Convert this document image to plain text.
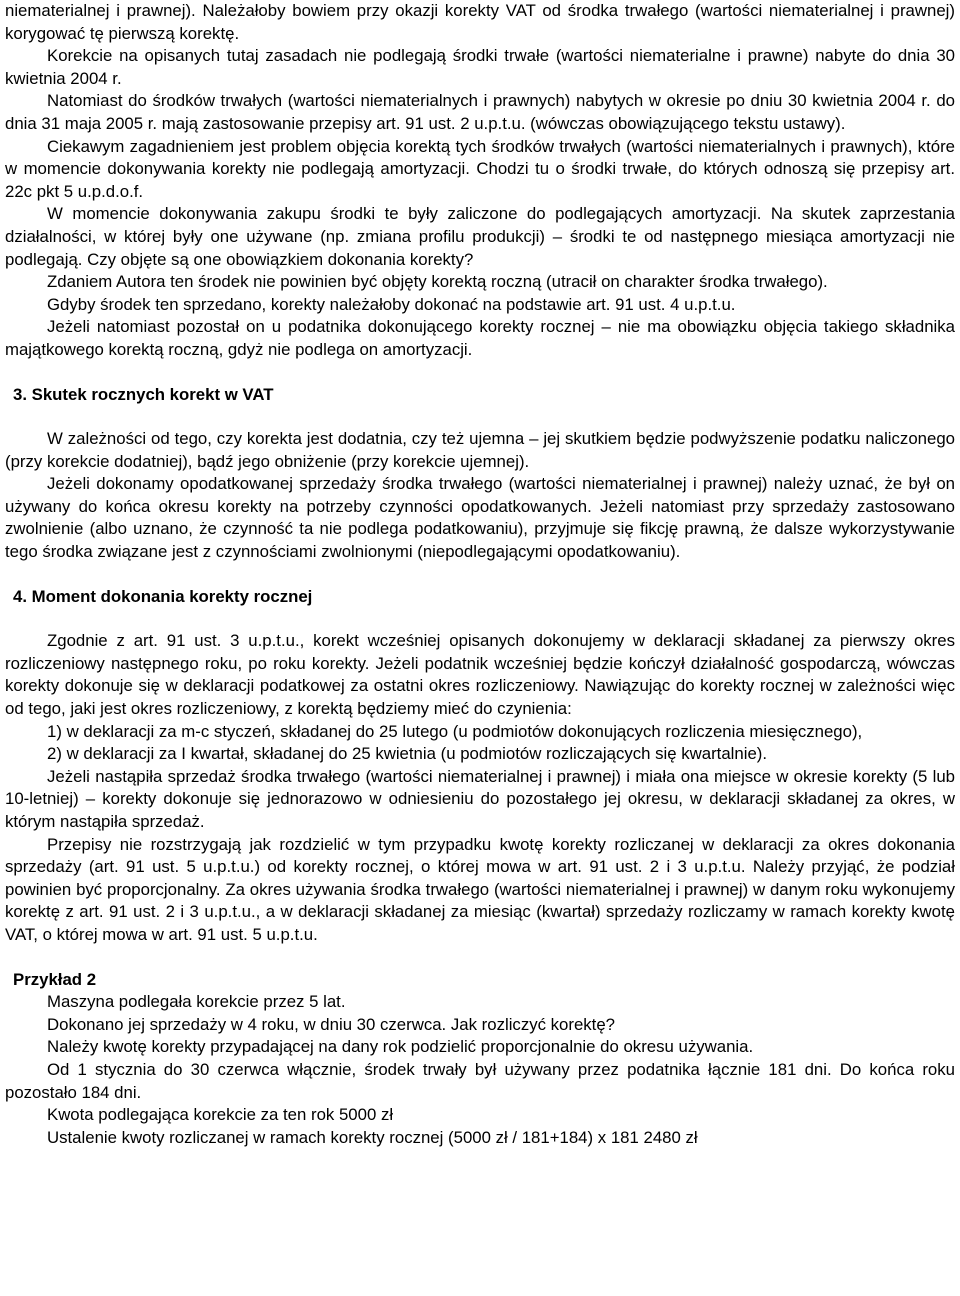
niematerialnej i prawnej). Należałoby bowiem przy okazji korekty VAT od środka trwałego (wartości niematerialnej i prawnej) korygować tę pierwszą korektę.

Korekcie na opisanych tutaj zasadach nie podlegają środki trwałe (wartości niematerialne i prawne) nabyte do dnia 30 kwietnia 2004 r.

Natomiast do środków trwałych (wartości niematerialnych i prawnych) nabytych w okresie po dniu 30 kwietnia 2004 r. do dnia 31 maja 2005 r. mają zastosowanie przepisy art. 91 ust. 2 u.p.t.u. (wówczas obowiązującego tekstu ustawy).

Ciekawym zagadnieniem jest problem objęcia korektą tych środków trwałych (wartości niematerialnych i prawnych), które w momencie dokonywania korekty nie podlegają amortyzacji. Chodzi tu o środki trwałe, do których odnoszą się przepisy art. 22c pkt 5 u.p.d.o.f.

W momencie dokonywania zakupu środki te były zaliczone do podlegających amortyzacji. Na skutek zaprzestania działalności, w której były one używane (np. zmiana profilu produkcji) – środki te od następnego miesiąca amortyzacji nie podlegają. Czy objęte są one obowiązkiem dokonania korekty?

Zdaniem Autora ten środek nie powinien być objęty korektą roczną (utracił on charakter środka trwałego).

Gdyby środek ten sprzedano, korekty należałoby dokonać na podstawie art. 91 ust. 4 u.p.t.u.

Jeżeli natomiast pozostał on u podatnika dokonującego korekty rocznej – nie ma obowiązku objęcia takiego składnika majątkowego korektą roczną, gdyż nie podlega on amortyzacji.

3. Skutek rocznych korekt w VAT

W zależności od tego, czy korekta jest dodatnia, czy też ujemna – jej skutkiem będzie podwyższenie podatku naliczonego (przy korekcie dodatniej), bądź jego obniżenie (przy korekcie ujemnej).

Jeżeli dokonamy opodatkowanej sprzedaży środka trwałego (wartości niematerialnej i prawnej) należy uznać, że był on używany do końca okresu korekty na potrzeby czynności opodatkowanych. Jeżeli natomiast przy sprzedaży zastosowano zwolnienie (albo uznano, że czynność ta nie podlega podatkowaniu), przyjmuje się fikcję prawną, że dalsze wykorzystywanie tego środka związane jest z czynnościami zwolnionymi (niepodlegającymi opodatkowaniu).

4. Moment dokonania korekty rocznej

Zgodnie z art. 91 ust. 3 u.p.t.u., korekt wcześniej opisanych dokonujemy w deklaracji składanej za pierwszy okres rozliczeniowy następnego roku, po roku korekty. Jeżeli podatnik wcześniej będzie kończył działalność gospodarczą, wówczas korekty dokonuje się w deklaracji podatkowej za ostatni okres rozliczeniowy. Nawiązując do korekty rocznej w zależności więc od tego, jaki jest okres rozliczeniowy, z korektą będziemy mieć do czynienia:

1) w deklaracji za m-c styczeń, składanej do 25 lutego (u podmiotów dokonujących rozliczenia miesięcznego),

2) w deklaracji za I kwartał, składanej do 25 kwietnia (u podmiotów rozliczających się kwartalnie).

Jeżeli nastąpiła sprzedaż środka trwałego (wartości niematerialnej i prawnej) i miała ona miejsce w okresie korekty (5 lub 10-letniej) – korekty dokonuje się jednorazowo w odniesieniu do pozostałego jej okresu, w deklaracji składanej za okres, w którym nastąpiła sprzedaż.

Przepisy nie rozstrzygają jak rozdzielić w tym przypadku kwotę korekty rozliczanej w deklaracji za okres dokonania sprzedaży (art. 91 ust. 5 u.p.t.u.) od korekty rocznej, o której mowa w art. 91 ust. 2 i 3 u.p.t.u. Należy przyjąć, że podział powinien być proporcjonalny. Za okres używania środka trwałego (wartości niematerialnej i prawnej) w danym roku wykonujemy korektę z art. 91 ust. 2 i 3 u.p.t.u., a w deklaracji składanej za miesiąc (kwartał) sprzedaży rozliczamy w ramach korekty kwotę VAT, o której mowa w art. 91 ust. 5 u.p.t.u.

Przykład 2

Maszyna podlegała korekcie przez 5 lat.

Dokonano jej sprzedaży w 4 roku, w dniu 30 czerwca. Jak rozliczyć korektę?

Należy kwotę korekty przypadającej na dany rok podzielić proporcjonalnie do okresu używania.

Od 1 stycznia do 30 czerwca włącznie, środek trwały był używany przez podatnika łącznie 181 dni. Do końca roku pozostało 184 dni.

Kwota podlegająca korekcie za ten rok 5000 zł

Ustalenie kwoty rozliczanej w ramach korekty rocznej (5000 zł / 181+184) x 181 2480 zł
